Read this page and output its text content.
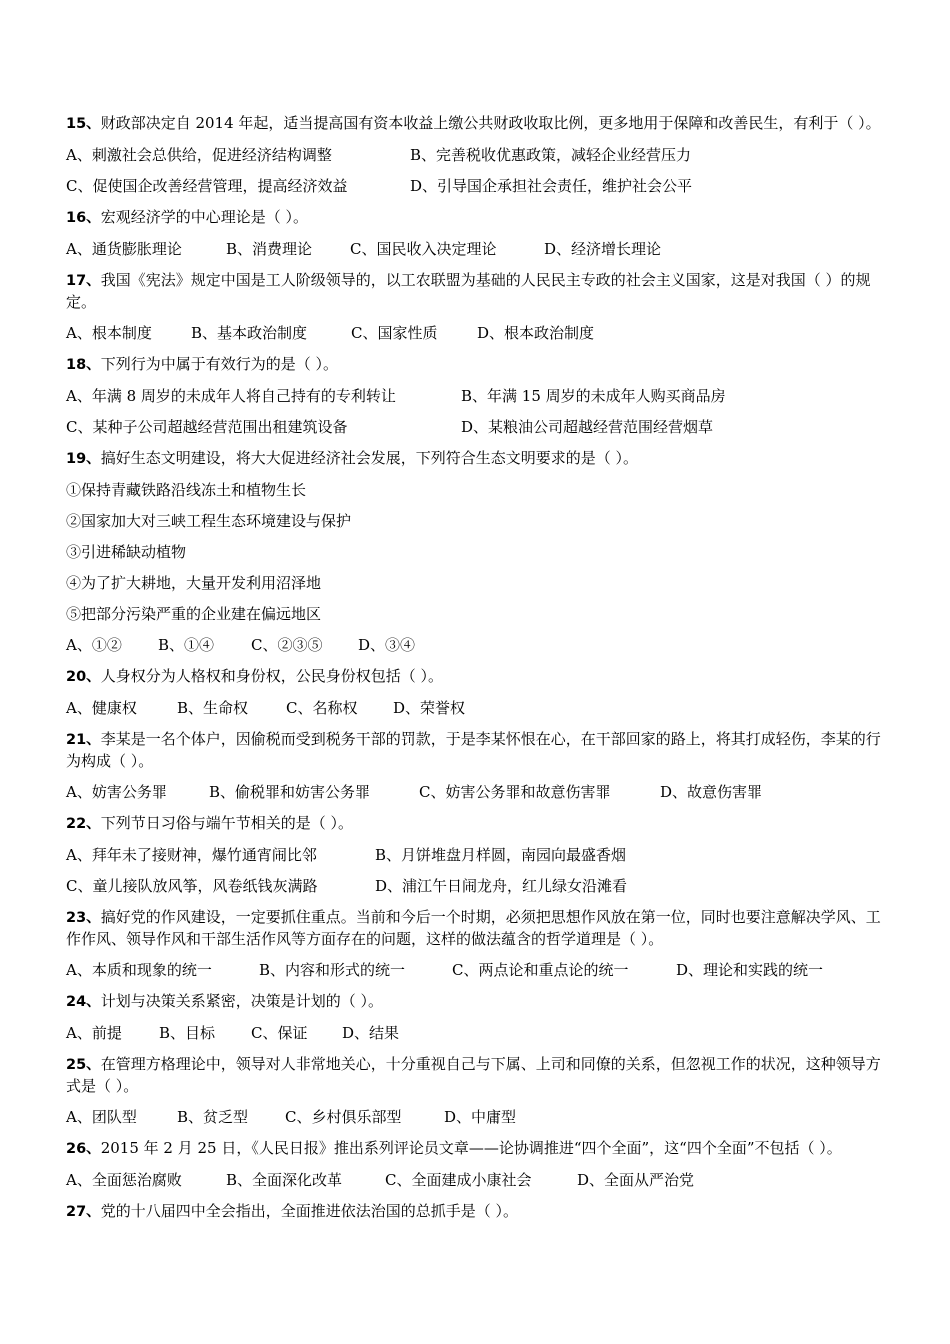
15、财政部决定自 2014 年起，适当提高国有资本收益上缴公共财政收取比例，更多地用于保障和改善民生，有利于（ ）。

A、刺激社会总供给，促进经济结构调整	B、完善税收优惠政策，减轻企业经营压力

C、促使国企改善经营管理，提高经济效益	D、引导国企承担社会责任，维护社会公平

16、宏观经济学的中心理论是（ ）。

A、通货膨胀理论	B、消费理论	C、国民收入决定理论	D、经济增长理论

17、我国《宪法》规定中国是工人阶级领导的，以工农联盟为基础的人民民主专政的社会主义国家，这是对我国（ ）的规定。

A、根本制度	B、基本政治制度	C、国家性质	D、根本政治制度

18、下列行为中属于有效行为的是（ ）。

A、年满 8 周岁的未成年人将自己持有的专利转让	B、年满 15 周岁的未成年人购买商品房

C、某种子公司超越经营范围出租建筑设备	D、某粮油公司超越经营范围经营烟草

19、搞好生态文明建设，将大大促进经济社会发展，下列符合生态文明要求的是（ ）。

①保持青藏铁路沿线冻土和植物生长

②国家加大对三峡工程生态环境建设与保护

③引进稀缺动植物

④为了扩大耕地，大量开发利用沼泽地

⑤把部分污染严重的企业建在偏远地区

A、①② B、①④ C、②③⑤ D、③④

20、人身权分为人格权和身份权，公民身份权包括（ ）。

A、健康权	B、生命权	C、名称权 D、荣誉权

21、李某是一名个体户，因偷税而受到税务干部的罚款，于是李某怀恨在心，在干部回家的路上，将其打成轻伤，李某的行为构成（ ）。

A、妨害公务罪	B、偷税罪和妨害公务罪	C、妨害公务罪和故意伤害罪	D、故意伤害罪

22、下列节日习俗与端午节相关的是（ ）。

A、拜年未了接财神，爆竹通宵闹比邻	B、月饼堆盘月样圆，南园向最盛香烟

C、童儿接队放风筝，风卷纸钱灰满路	D、浦江午日闹龙舟，红儿绿女沿滩看

23、搞好党的作风建设，一定要抓住重点。当前和今后一个时期，必须把思想作风放在第一位，同时也要注意解决学风、工作作风、领导作风和干部生活作风等方面存在的问题，这样的做法蕴含的哲学道理是（ ）。

A、本质和现象的统一	B、内容和形式的统一	C、两点论和重点论的统一	D、理论和实践的统一

24、计划与决策关系紧密，决策是计划的（ ）。

A、前提 B、目标 C、保证 D、结果

25、在管理方格理论中，领导对人非常地关心，十分重视自己与下属、上司和同僚的关系，但忽视工作的状况，这种领导方式是（ ）。

A、团队型	B、贫乏型 C、乡村俱乐部型	D、中庸型

26、2015 年 2 月 25 日，《人民日报》推出系列评论员文章——论协调推进“四个全面”，这“四个全面”不包括（ ）。

A、全面惩治腐败	B、全面深化改革	C、全面建成小康社会	D、全面从严治党

27、党的十八届四中全会指出，全面推进依法治国的总抓手是（ ）。
